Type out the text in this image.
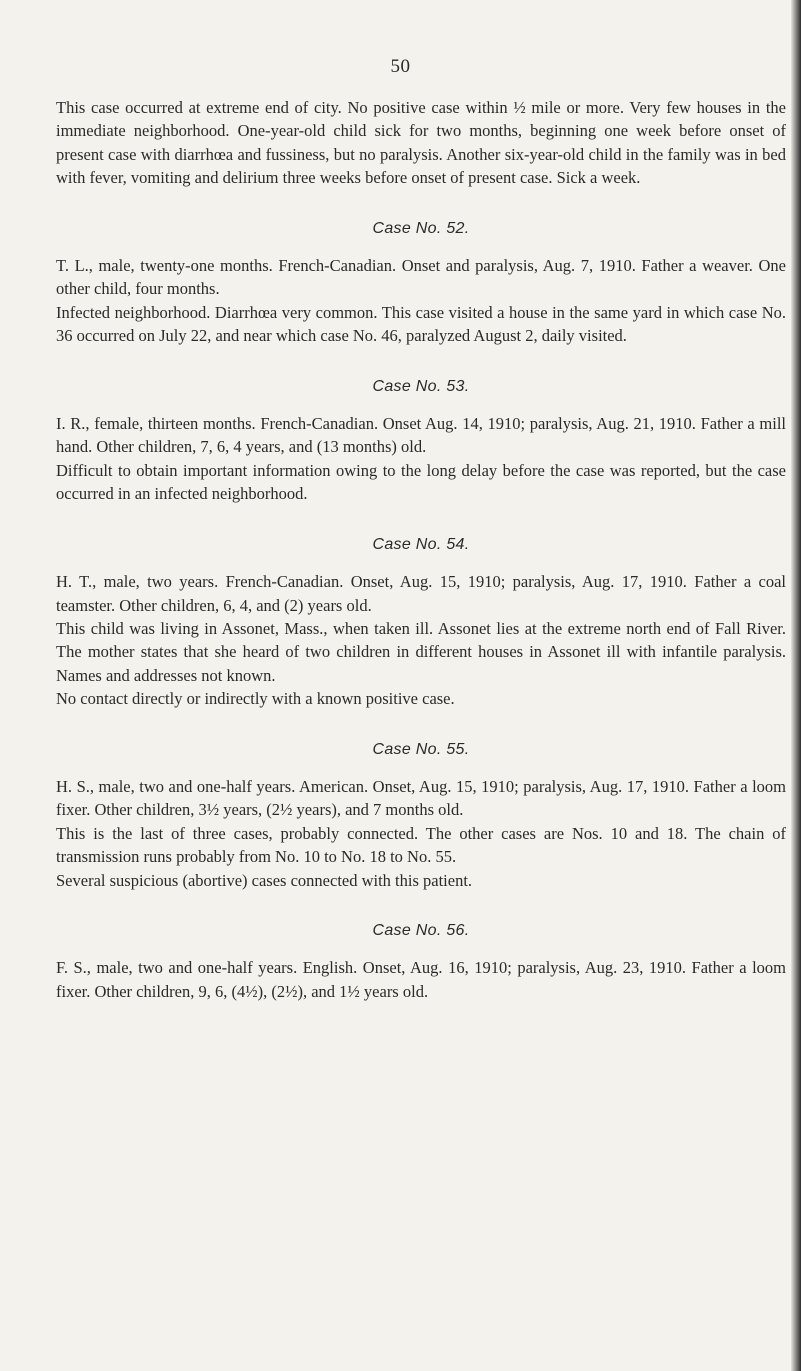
50

This case occurred at extreme end of city. No positive case within ½ mile or more. Very few houses in the immediate neighborhood. One-year-old child sick for two months, beginning one week before onset of present case with diarrhœa and fussiness, but no paralysis. Another six-year-old child in the family was in bed with fever, vomiting and delirium three weeks before onset of present case. Sick a week.

Case No. 52.

T. L., male, twenty-one months. French-Canadian. Onset and paralysis, Aug. 7, 1910. Father a weaver. One other child, four months.

Infected neighborhood. Diarrhœa very common. This case visited a house in the same yard in which case No. 36 occurred on July 22, and near which case No. 46, paralyzed August 2, daily visited.

Case No. 53.

I. R., female, thirteen months. French-Canadian. Onset Aug. 14, 1910; paralysis, Aug. 21, 1910. Father a mill hand. Other children, 7, 6, 4 years, and (13 months) old.

Difficult to obtain important information owing to the long delay before the case was reported, but the case occurred in an infected neighborhood.

Case No. 54.

H. T., male, two years. French-Canadian. Onset, Aug. 15, 1910; paralysis, Aug. 17, 1910. Father a coal teamster. Other children, 6, 4, and (2) years old.

This child was living in Assonet, Mass., when taken ill. Assonet lies at the extreme north end of Fall River. The mother states that she heard of two children in different houses in Assonet ill with infantile paralysis. Names and addresses not known.

No contact directly or indirectly with a known positive case.

Case No. 55.

H. S., male, two and one-half years. American. Onset, Aug. 15, 1910; paralysis, Aug. 17, 1910. Father a loom fixer. Other children, 3½ years, (2½ years), and 7 months old.

This is the last of three cases, probably connected. The other cases are Nos. 10 and 18. The chain of transmission runs probably from No. 10 to No. 18 to No. 55.

Several suspicious (abortive) cases connected with this patient.

Case No. 56.

F. S., male, two and one-half years. English. Onset, Aug. 16, 1910; paralysis, Aug. 23, 1910. Father a loom fixer. Other children, 9, 6, (4½), (2½), and 1½ years old.
